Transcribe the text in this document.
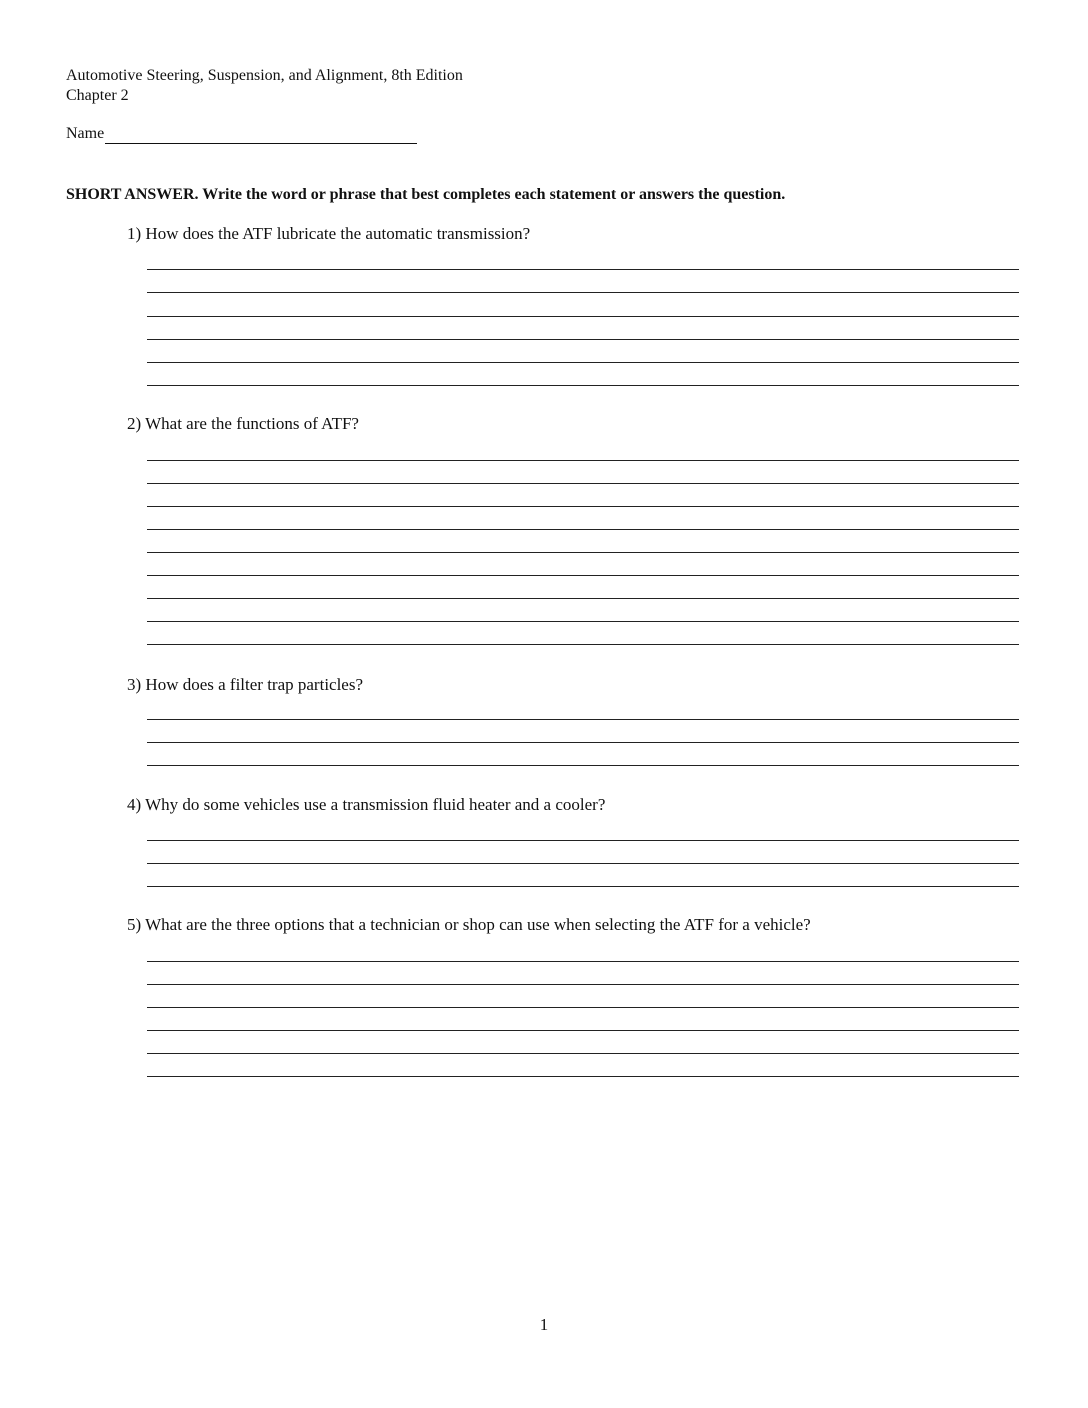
Automotive Steering, Suspension, and Alignment, 8th Edition
Chapter 2
Name
SHORT ANSWER. Write the word or phrase that best completes each statement or answers the question.
1) How does the ATF lubricate the automatic transmission?
2) What are the functions of ATF?
3) How does a filter trap particles?
4) Why do some vehicles use a transmission fluid heater and a cooler?
5) What are the three options that a technician or shop can use when selecting the ATF for a vehicle?
1
